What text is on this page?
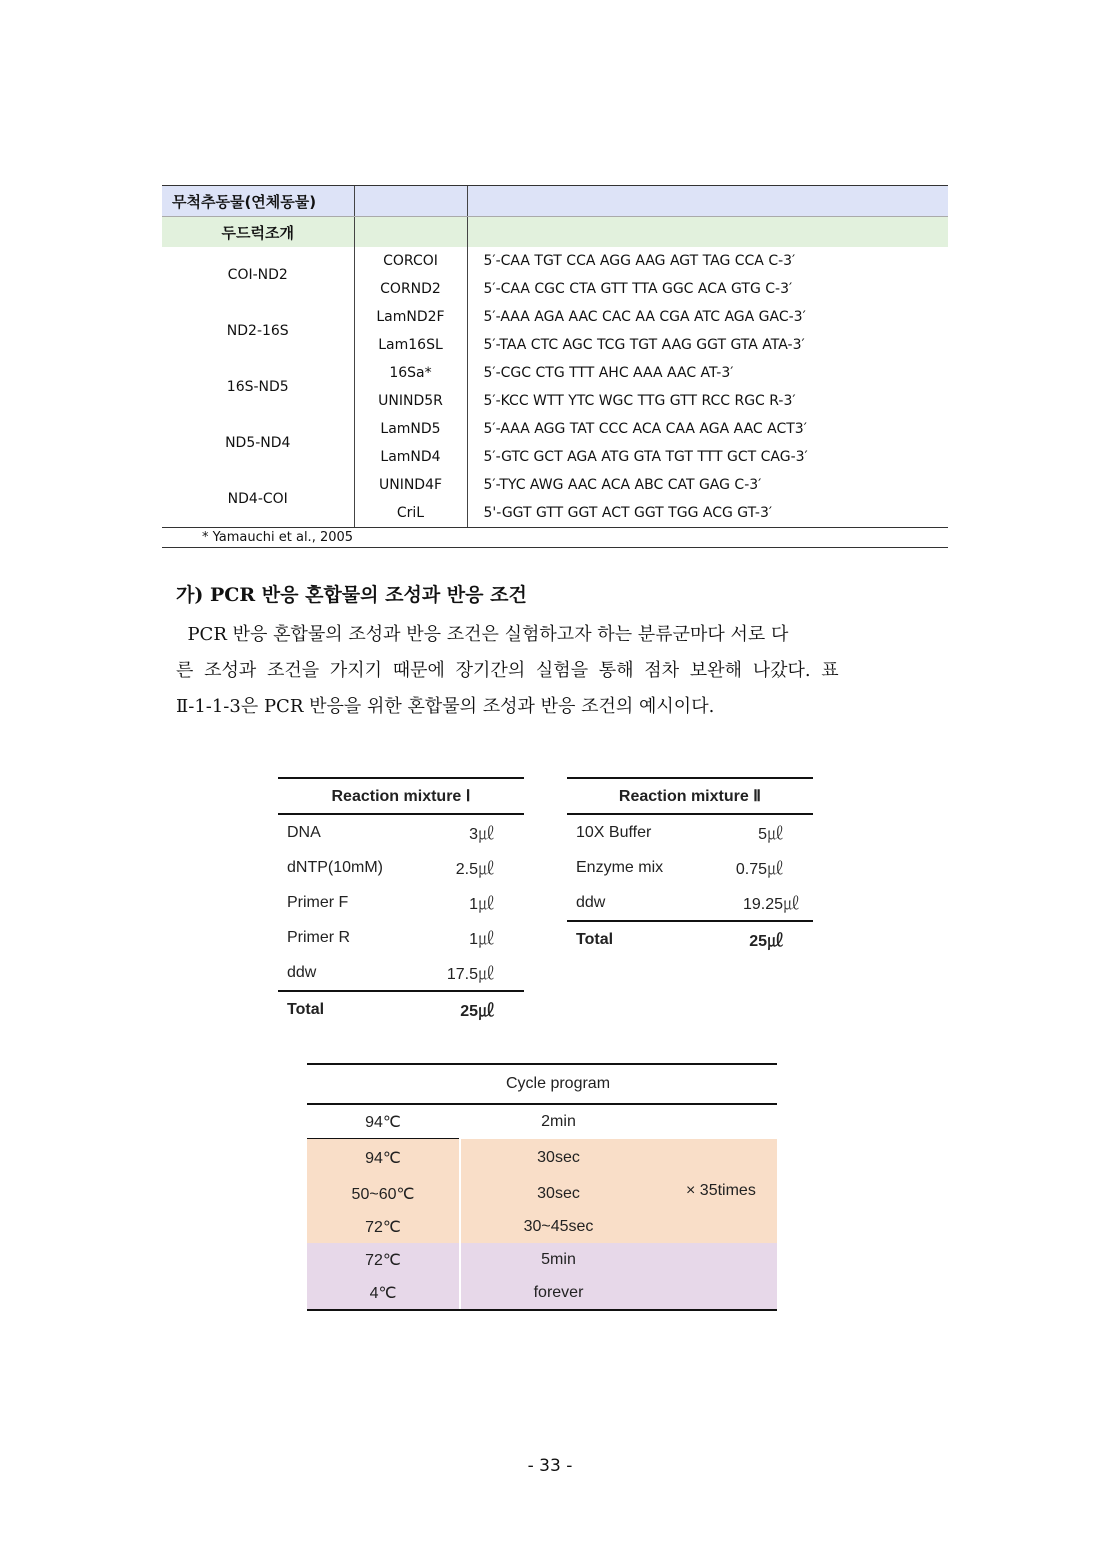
무척추동물(연체동물)		
두드럭조개		
COI-ND2	CORCOI	5′-CAA TGT CCA AGG AAG AGT TAG CCA C-3′
	CORND2	5′-CAA CGC CTA GTT TTA GGC ACA GTG C-3′
ND2-16S	LamND2F	5′-AAA AGA AAC CAC AA CGA ATC AGA GAC-3′
	Lam16SL	5′-TAA CTC AGC TCG TGT AAG GGT GTA ATA-3′
16S-ND5	16Sa*	5′-CGC CTG TTT AHC AAA AAC AT-3′
	UNIND5R	5′-KCC WTT YTC WGC TTG GTT RCC RGC R-3′
ND5-ND4	LamND5	5′-AAA AGG TAT CCC ACA CAA AGA AAC ACT3′
	LamND4	5′-GTC GCT AGA ATG GTA TGT TTT GCT CAG-3′
ND4-COI	UNIND4F	5′-TYC AWG AAC ACA ABC CAT GAG C-3′
	CriL	5'-GGT GTT GGT ACT GGT TGG ACG GT-3′
* Yamauchi et al., 2005		
가) PCR 반응 혼합물의 조성과 반응 조건
PCR 반응 혼합물의 조성과 반응 조건은 실험하고자 하는 분류군마다 서로 다
른 조성과 조건을 가지기 때문에 장기간의 실험을 통해 점차 보완해 나갔다. 표
Ⅱ-1-1-3은 PCR 반응을 위한 혼합물의 조성과 반응 조건의 예시이다.
Reaction mixture Ⅰ	
DNA	3㎕
dNTP(10mM)	2.5㎕
Primer F	1㎕
Primer R	1㎕
ddw	17.5㎕
Total	25㎕
Reaction mixture Ⅱ	
10X Buffer	5㎕
Enzyme mix	0.75㎕
ddw	19.25㎕
Total	25㎕
	Cycle program	
94℃	2min	
94℃	30sec	× 35times
50~60℃	30sec	
72℃	30~45sec	
72℃	5min	
4℃	forever	
- 33 -
